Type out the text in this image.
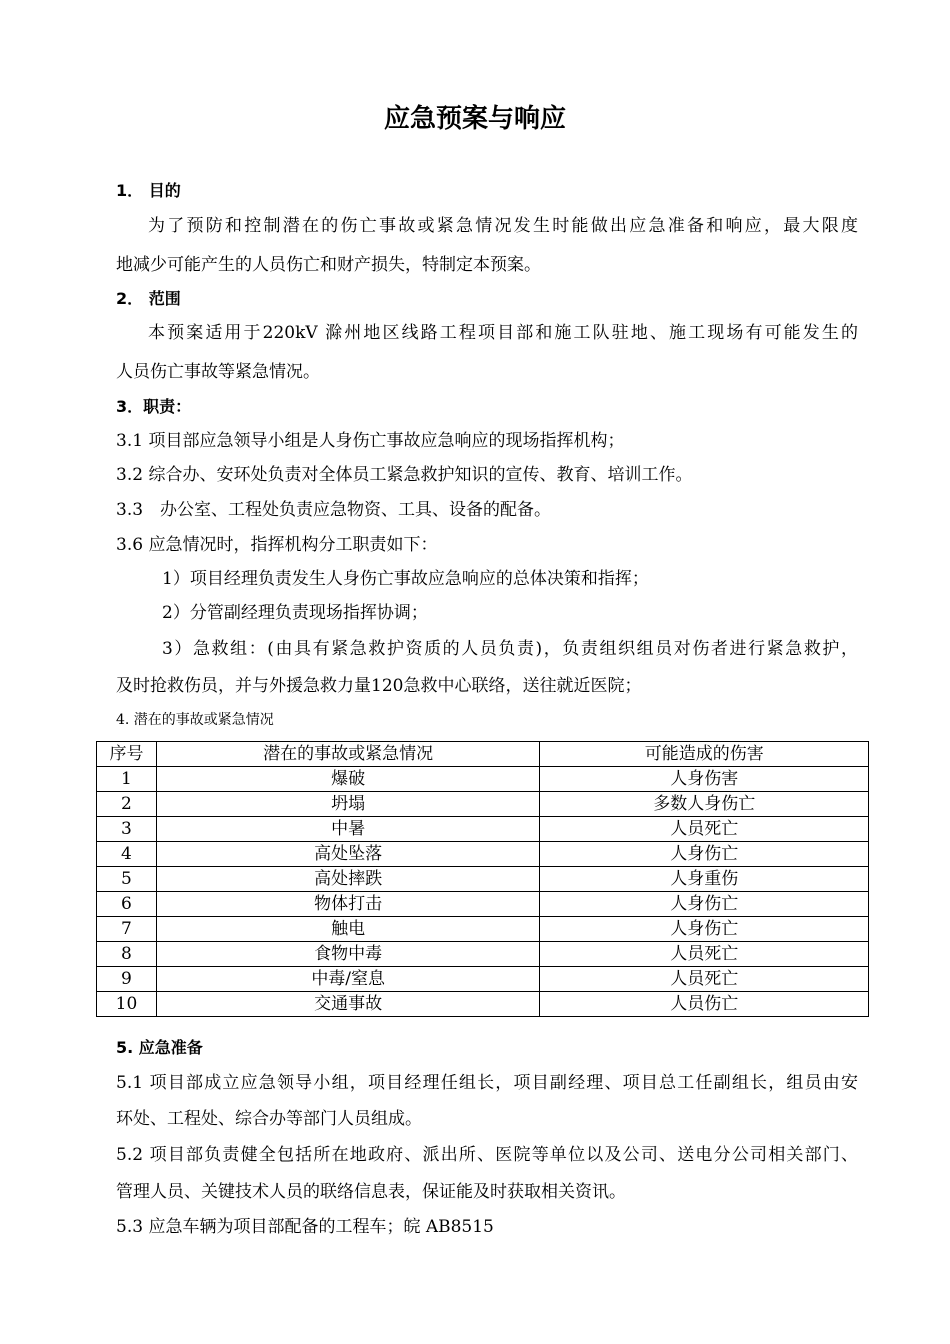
应急预案与响应
1． 目的
为了预防和控制潜在的伤亡事故或紧急情况发生时能做出应急准备和响应，最大限度
地减少可能产生的人员伤亡和财产损失，特制定本预案。
2． 范围
本预案适用于220kV 滁州地区线路工程项目部和施工队驻地、施工现场有可能发生的
人员伤亡事故等紧急情况。
3．职责：
3.1 项目部应急领导小组是人身伤亡事故应急响应的现场指挥机构；
3.2 综合办、安环处负责对全体员工紧急救护知识的宣传、教育、培训工作。
3.3　办公室、工程处负责应急物资、工具、设备的配备。
3.6 应急情况时，指挥机构分工职责如下：
1）项目经理负责发生人身伤亡事故应急响应的总体决策和指挥；
2）分管副经理负责现场指挥协调；
3）急救组：(由具有紧急救护资质的人员负责)，负责组织组员对伤者进行紧急救护，
及时抢救伤员，并与外援急救力量120急救中心联络，送往就近医院；
4. 潜在的事故或紧急情况
序号	潜在的事故或紧急情况	可能造成的伤害
1	爆破	人身伤害
2	坍塌	多数人身伤亡
3	中暑	人员死亡
4	高处坠落	人身伤亡
5	高处摔跌	人身重伤
6	物体打击	人身伤亡
7	触电	人身伤亡
8	食物中毒	人员死亡
9	中毒/窒息	人员死亡
10	交通事故	人员伤亡
5. 应急准备
5.1 项目部成立应急领导小组，项目经理任组长，项目副经理、项目总工任副组长，组员由安
环处、工程处、综合办等部门人员组成。
5.2 项目部负责健全包括所在地政府、派出所、医院等单位以及公司、送电分公司相关部门、
管理人员、关键技术人员的联络信息表，保证能及时获取相关资讯。
5.3 应急车辆为项目部配备的工程车；皖 AB8515
